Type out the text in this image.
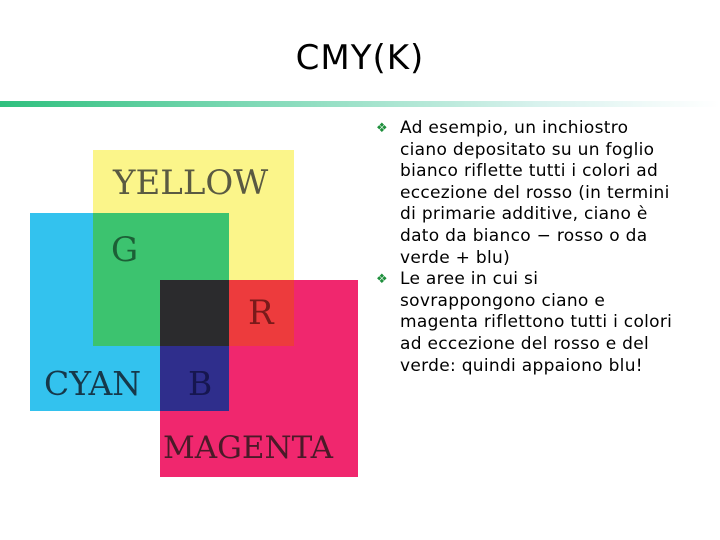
CMY(K)
YELLOW
G
R
CYAN B
MAGENTA
❖ Ad esempio, un inchiostro ciano depositato su un foglio bianco riflette tutti i colori ad eccezione del rosso (in termini di primarie additive, ciano è dato da bianco − rosso o da verde + blu)
❖ Le aree in cui si sovrappongono ciano e magenta riflettono tutti i colori ad eccezione del rosso e del verde: quindi appaiono blu!
